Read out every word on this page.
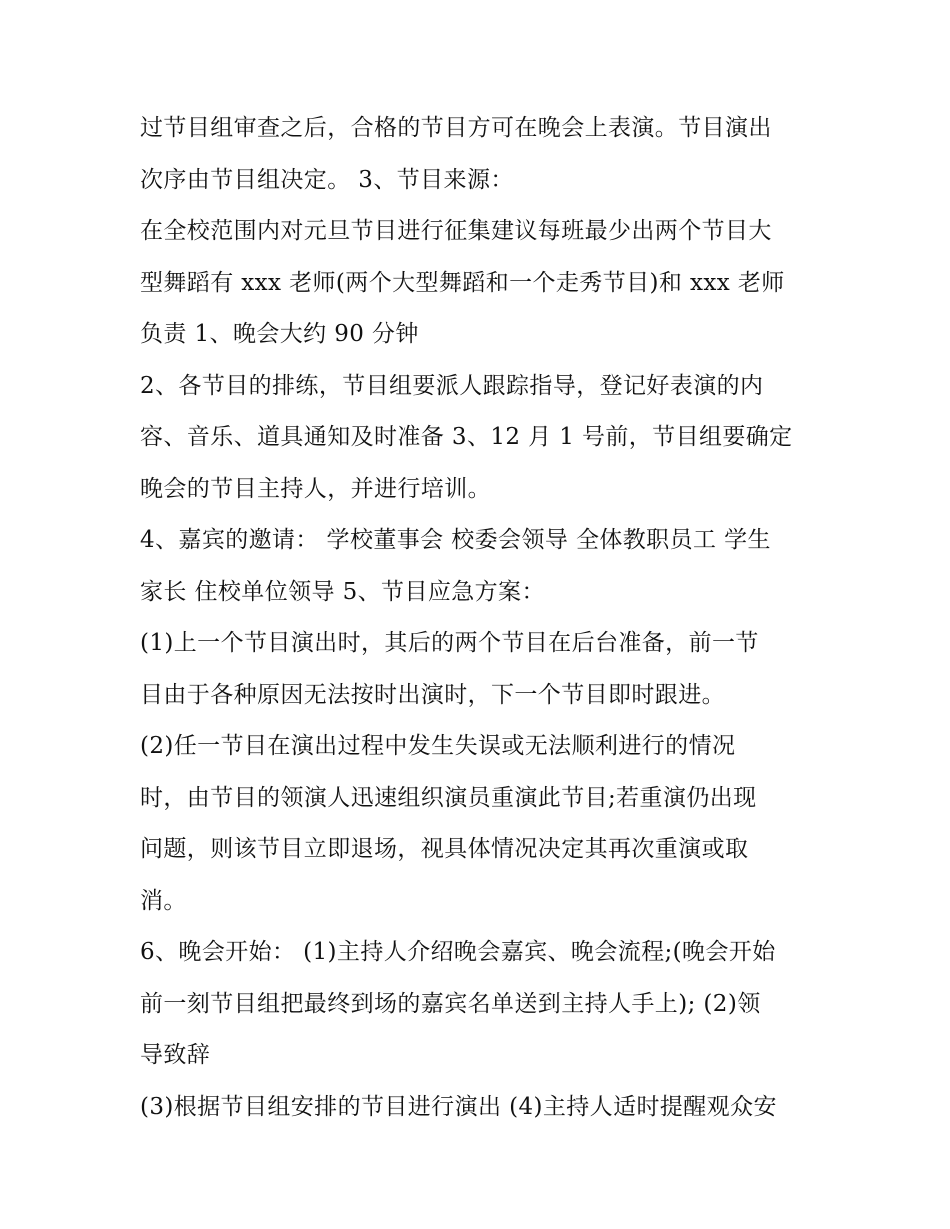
过节目组审查之后，合格的节目方可在晚会上表演。节目演出
次序由节目组决定。 3、节目来源：
在全校范围内对元旦节目进行征集建议每班最少出两个节目大
型舞蹈有 xxx 老师(两个大型舞蹈和一个走秀节目)和 xxx 老师
负责 1、晚会大约 90 分钟
2、各节目的排练，节目组要派人跟踪指导，登记好表演的内
容、音乐、道具通知及时准备 3、12 月 1 号前，节目组要确定
晚会的节目主持人，并进行培训。
4、嘉宾的邀请： 学校董事会 校委会领导 全体教职员工 学生
家长 住校单位领导 5、节目应急方案：
(1)上一个节目演出时，其后的两个节目在后台准备，前一节
目由于各种原因无法按时出演时，下一个节目即时跟进。
(2)任一节目在演出过程中发生失误或无法顺利进行的情况
时，由节目的领演人迅速组织演员重演此节目;若重演仍出现
问题，则该节目立即退场，视具体情况决定其再次重演或取
消。
6、晚会开始： (1)主持人介绍晚会嘉宾、晚会流程;(晚会开始
前一刻节目组把最终到场的嘉宾名单送到主持人手上); (2)领
导致辞
(3)根据节目组安排的节目进行演出 (4)主持人适时提醒观众安
